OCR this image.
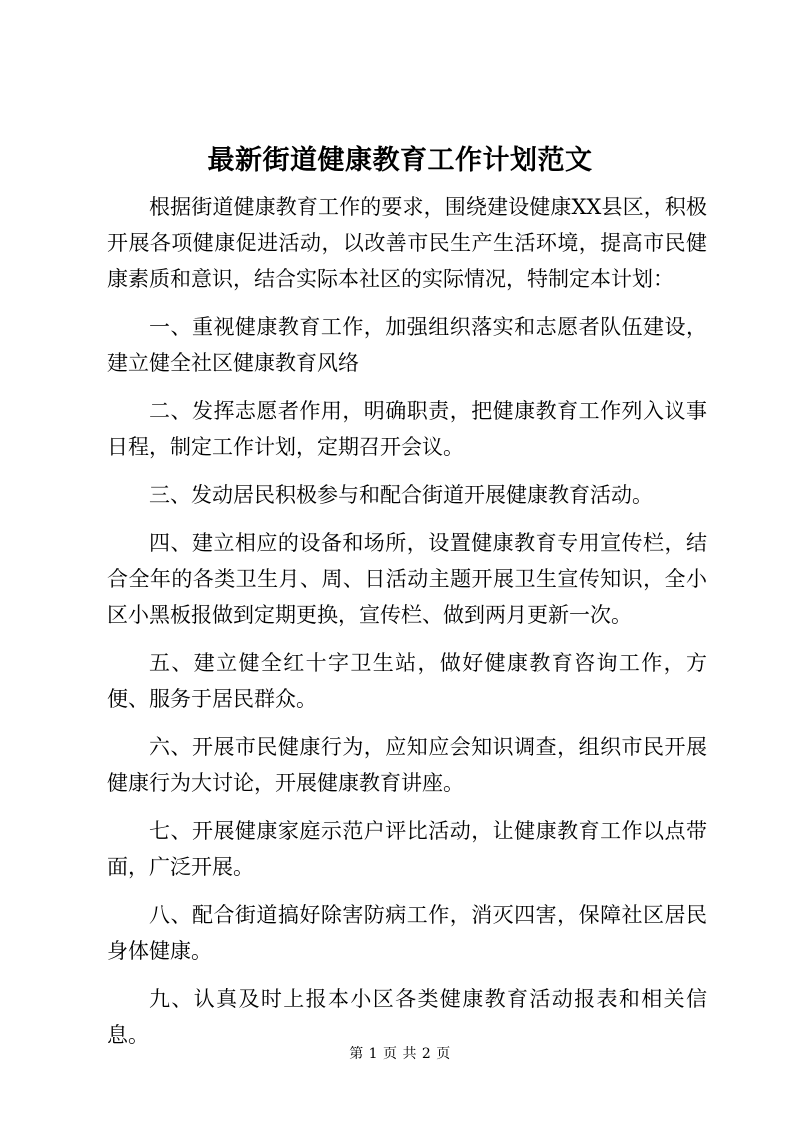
最新街道健康教育工作计划范文

根据街道健康教育工作的要求，围绕建设健康XX县区，积极开展各项健康促进活动，以改善市民生产生活环境，提高市民健康素质和意识，结合实际本社区的实际情况，特制定本计划：

一、重视健康教育工作，加强组织落实和志愿者队伍建设，建立健全社区健康教育风络

二、发挥志愿者作用，明确职责，把健康教育工作列入议事日程，制定工作计划，定期召开会议。

三、发动居民积极参与和配合街道开展健康教育活动。

四、建立相应的设备和场所，设置健康教育专用宣传栏，结合全年的各类卫生月、周、日活动主题开展卫生宣传知识，全小区小黑板报做到定期更换，宣传栏、做到两月更新一次。

五、建立健全红十字卫生站，做好健康教育咨询工作，方便、服务于居民群众。

六、开展市民健康行为，应知应会知识调查，组织市民开展健康行为大讨论，开展健康教育讲座。

七、开展健康家庭示范户评比活动，让健康教育工作以点带面，广泛开展。

八、配合街道搞好除害防病工作，消灭四害，保障社区居民身体健康。

九、认真及时上报本小区各类健康教育活动报表和相关信息。

第 1 页 共 2 页
